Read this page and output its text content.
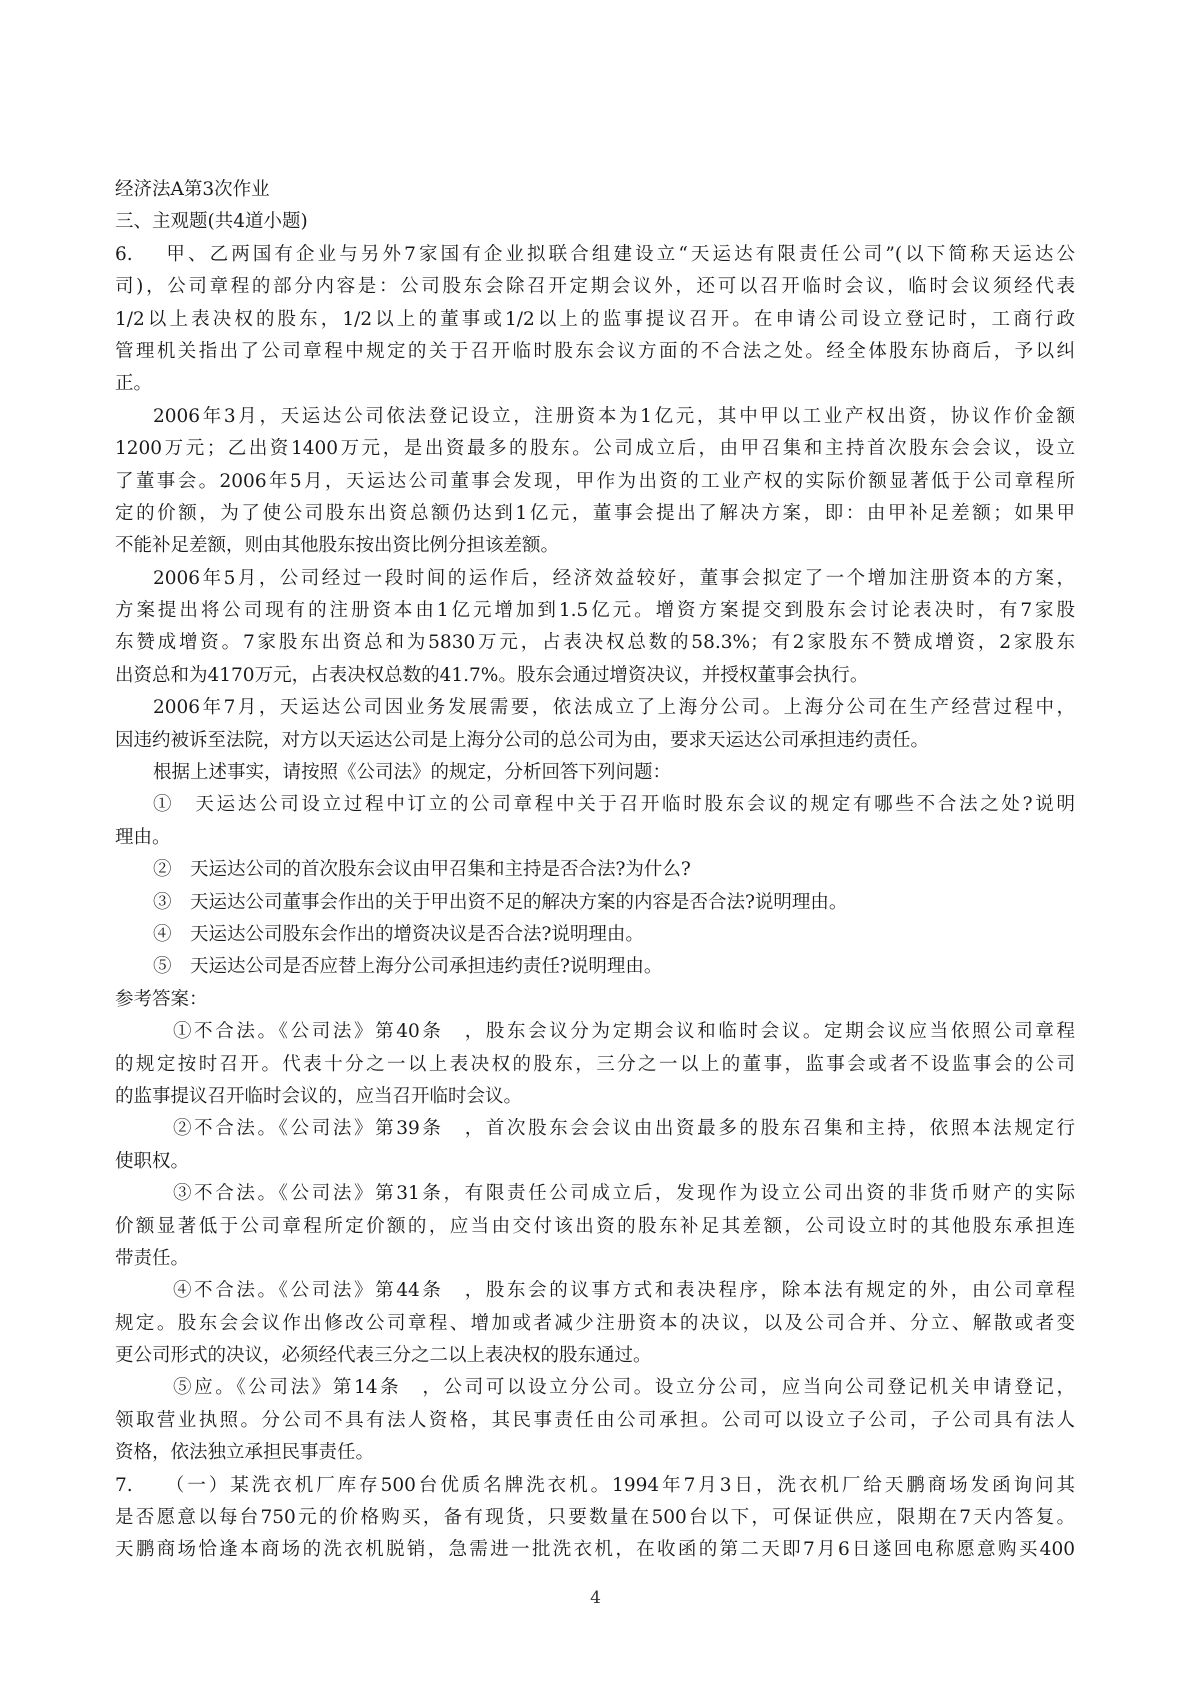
经济法A第3次作业
三、主观题(共4道小题)
6.　 甲、乙两国有企业与另外7家国有企业拟联合组建设立“天运达有限责任公司”(以下简称天运达公
司)，公司章程的部分内容是：公司股东会除召开定期会议外，还可以召开临时会议，临时会议须经代表
1/2以上表决权的股东，1/2以上的董事或1/2以上的监事提议召开。在申请公司设立登记时，工商行政
管理机关指出了公司章程中规定的关于召开临时股东会议方面的不合法之处。经全体股东协商后，予以纠
正。
2006年3月，天运达公司依法登记设立，注册资本为1亿元，其中甲以工业产权出资，协议作价金额
1200万元；乙出资1400万元，是出资最多的股东。公司成立后，由甲召集和主持首次股东会会议，设立
了董事会。2006年5月，天运达公司董事会发现，甲作为出资的工业产权的实际价额显著低于公司章程所
定的价额，为了使公司股东出资总额仍达到1亿元，董事会提出了解决方案，即：由甲补足差额；如果甲
不能补足差额，则由其他股东按出资比例分担该差额。
2006年5月，公司经过一段时间的运作后，经济效益较好，董事会拟定了一个增加注册资本的方案，
方案提出将公司现有的注册资本由1亿元增加到1.5亿元。增资方案提交到股东会讨论表决时，有7家股
东赞成增资。7家股东出资总和为5830万元，占表决权总数的58.3%；有2家股东不赞成增资，2家股东
出资总和为4170万元，占表决权总数的41.7%。股东会通过增资决议，并授权董事会执行。
2006年7月，天运达公司因业务发展需要，依法成立了上海分公司。上海分公司在生产经营过程中，
因违约被诉至法院，对方以天运达公司是上海分公司的总公司为由，要求天运达公司承担违约责任。
根据上述事实，请按照《公司法》的规定，分析回答下列问题：
①　天运达公司设立过程中订立的公司章程中关于召开临时股东会议的规定有哪些不合法之处?说明
理由。
②　天运达公司的首次股东会议由甲召集和主持是否合法?为什么?
③　天运达公司董事会作出的关于甲出资不足的解决方案的内容是否合法?说明理由。
④　天运达公司股东会作出的增资决议是否合法?说明理由。
⑤　天运达公司是否应替上海分公司承担违约责任?说明理由。
参考答案：
①不合法。《公司法》第40条　，股东会议分为定期会议和临时会议。定期会议应当依照公司章程
的规定按时召开。代表十分之一以上表决权的股东，三分之一以上的董事，监事会或者不设监事会的公司
的监事提议召开临时会议的，应当召开临时会议。
②不合法。《公司法》第39条　，首次股东会会议由出资最多的股东召集和主持，依照本法规定行
使职权。
③不合法。《公司法》第31条，有限责任公司成立后，发现作为设立公司出资的非货币财产的实际
价额显著低于公司章程所定价额的，应当由交付该出资的股东补足其差额，公司设立时的其他股东承担连
带责任。
④不合法。《公司法》第44条　，股东会的议事方式和表决程序，除本法有规定的外，由公司章程
规定。股东会会议作出修改公司章程、增加或者减少注册资本的决议，以及公司合并、分立、解散或者变
更公司形式的决议，必须经代表三分之二以上表决权的股东通过。
⑤应。《公司法》第14条　，公司可以设立分公司。设立分公司，应当向公司登记机关申请登记，
领取营业执照。分公司不具有法人资格，其民事责任由公司承担。公司可以设立子公司，子公司具有法人
资格，依法独立承担民事责任。
7.　 （一）某洗衣机厂库存500台优质名牌洗衣机。1994年7月3日，洗衣机厂给天鹏商场发函询问其
是否愿意以每台750元的价格购买，备有现货，只要数量在500台以下，可保证供应，限期在7天内答复。
天鹏商场恰逢本商场的洗衣机脱销，急需进一批洗衣机，在收函的第二天即7月6日遂回电称愿意购买400
4
